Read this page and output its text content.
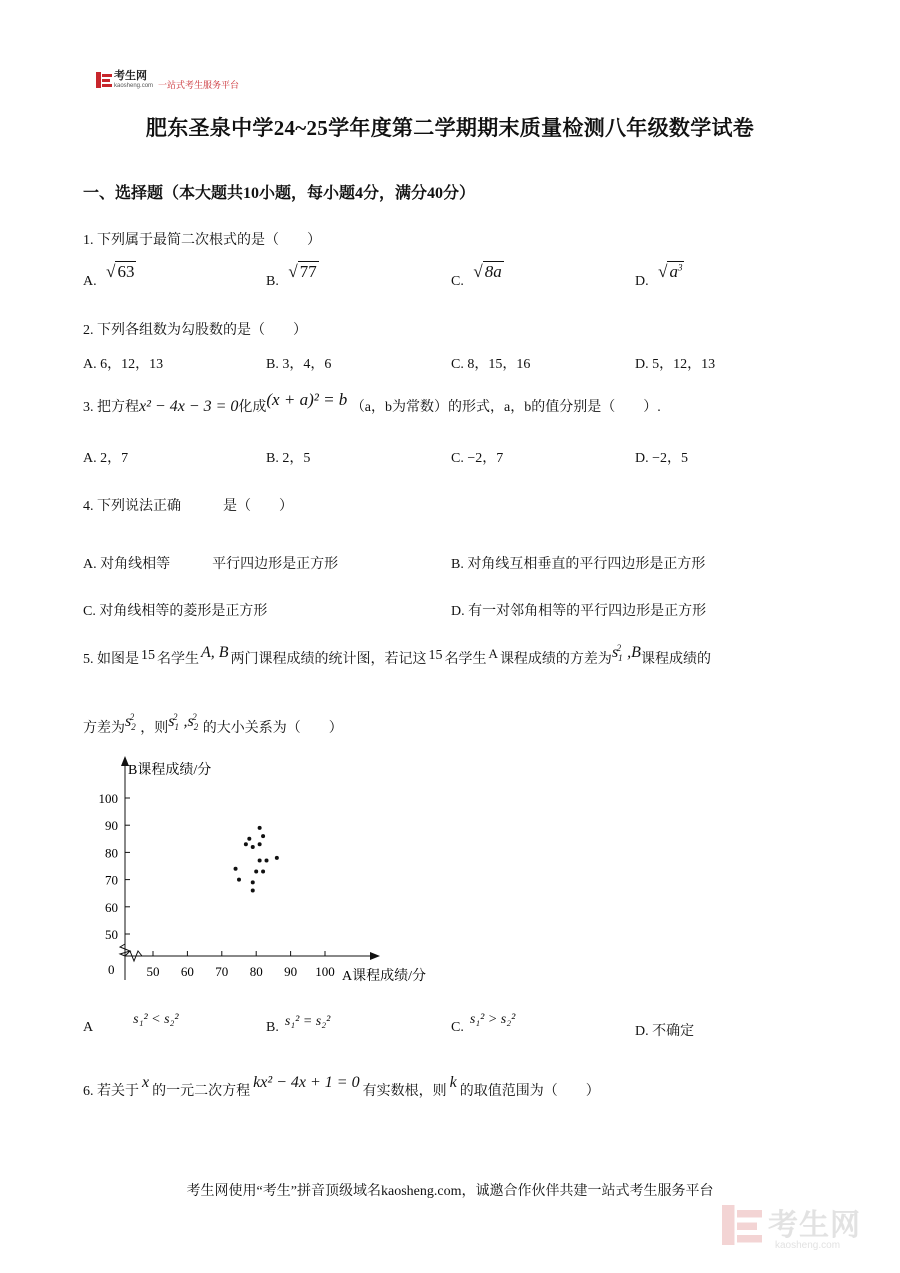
考生网
kaosheng.com 一站式考生服务平台
肥东圣泉中学24~25学年度第二学期期末质量检测八年级数学试卷
一、选择题（本大题共10小题，每小题4分，满分40分）
1. 下列属于最简二次根式的是（　　）
A. √ 63
B. √ 77
C. √ 8a
D. √ $a^3$
2. 下列各组数为勾股数的是（　　）
A. 6，12，13	B. 3，4，6	C. 8，15，16	D. 5，12，13
3. 把方程x² − 4x − 3 = 0化成(x + a)² = b （a，b为常数）的形式，a，b的值分别是（　　）.
A. 2，7	B. 2，5	C. −2，7	D. −2，5
4. 下列说法正确　　　是（　　）
A. 对角线相等　　　平行四边形是正方形	B. 对角线互相垂直的平行四边形是正方形
C. 对角线相等的菱形是正方形	D. 有一对邻角相等的平行四边形是正方形
5. 如图是 15 名学生 A, B 两门课程成绩的统计图，若记这 15 名学生 A 课程成绩的方差为$s_1^2$ ,B课程成绩的
方差为$s_2^2$，则$s_1^2$ $,s_2^2$的大小关系为（　　）
B课程成绩/分
A课程成绩/分
0 50 60 70 80 90 100
50
60
70
80
90
100
As₁² < s₂²
B. s₁² = s₂²	C.s₁² > s₂²
D. 不确定
6. 若关于x的一元二次方程kx² − 4x + 1 = 0有实数根，则k的取值范围为（　　）
考生网使用“考生”拼音顶级域名kaosheng.com，诚邀合作伙伴共建一站式考生服务平台
考生网
kaosheng.com
